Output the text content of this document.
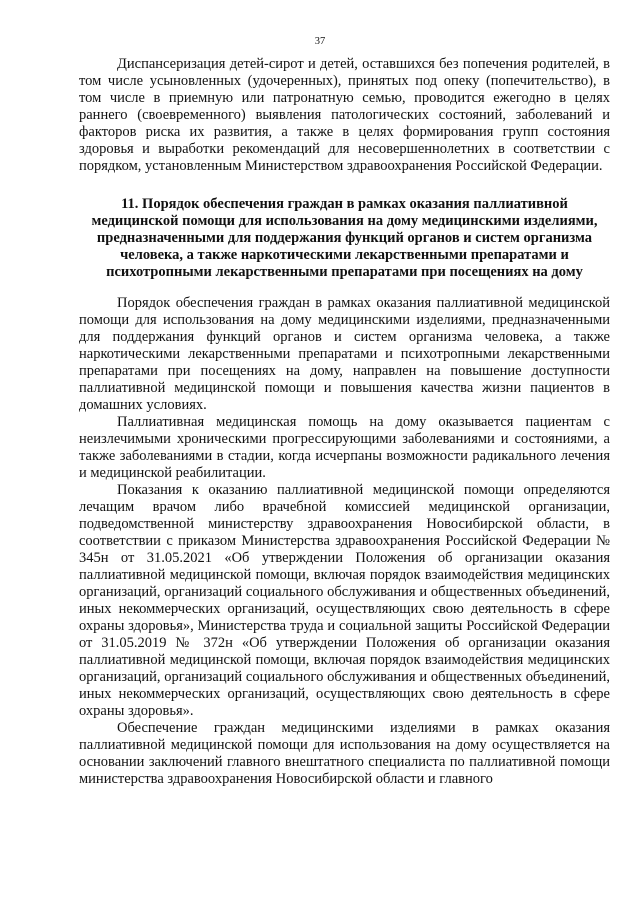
37

Диспансеризация детей-сирот и детей, оставшихся без попечения родителей, в том числе усыновленных (удочеренных), принятых под опеку (попечительство), в том числе в приемную или патронатную семью, проводится ежегодно в целях раннего (своевременного) выявления патологических состояний, заболеваний и факторов риска их развития, а также в целях формирования групп состояния здоровья и выработки рекомендаций для несовершеннолетних в соответствии с порядком, установленным Министерством здравоохранения Российской Федерации.

11. Порядок обеспечения граждан в рамках оказания паллиативной медицинской помощи для использования на дому медицинскими изделиями, предназначенными для поддержания функций органов и систем организма человека, а также наркотическими лекарственными препаратами и психотропными лекарственными препаратами при посещениях на дому

Порядок обеспечения граждан в рамках оказания паллиативной медицинской помощи для использования на дому медицинскими изделиями, предназначенными для поддержания функций органов и систем организма человека, а также наркотическими лекарственными препаратами и психотропными лекарственными препаратами при посещениях на дому, направлен на повышение доступности паллиативной медицинской помощи и повышения качества жизни пациентов в домашних условиях.

Паллиативная медицинская помощь на дому оказывается пациентам с неизлечимыми хроническими прогрессирующими заболеваниями и состояниями, а также заболеваниями в стадии, когда исчерпаны возможности радикального лечения и медицинской реабилитации.

Показания к оказанию паллиативной медицинской помощи определяются лечащим врачом либо врачебной комиссией медицинской организации, подведомственной министерству здравоохранения Новосибирской области, в соответствии с приказом Министерства здравоохранения Российской Федерации № 345н от 31.05.2021 «Об утверждении Положения об организации оказания паллиативной медицинской помощи, включая порядок взаимодействия медицинских организаций, организаций социального обслуживания и общественных объединений, иных некоммерческих организаций, осуществляющих свою деятельность в сфере охраны здоровья», Министерства труда и социальной защиты Российской Федерации от 31.05.2019 № 372н «Об утверждении Положения об организации оказания паллиативной медицинской помощи, включая порядок взаимодействия медицинских организаций, организаций социального обслуживания и общественных объединений, иных некоммерческих организаций, осуществляющих свою деятельность в сфере охраны здоровья».

Обеспечение граждан медицинскими изделиями в рамках оказания паллиативной медицинской помощи для использования на дому осуществляется на основании заключений главного внештатного специалиста по паллиативной помощи министерства здравоохранения Новосибирской области и главного
